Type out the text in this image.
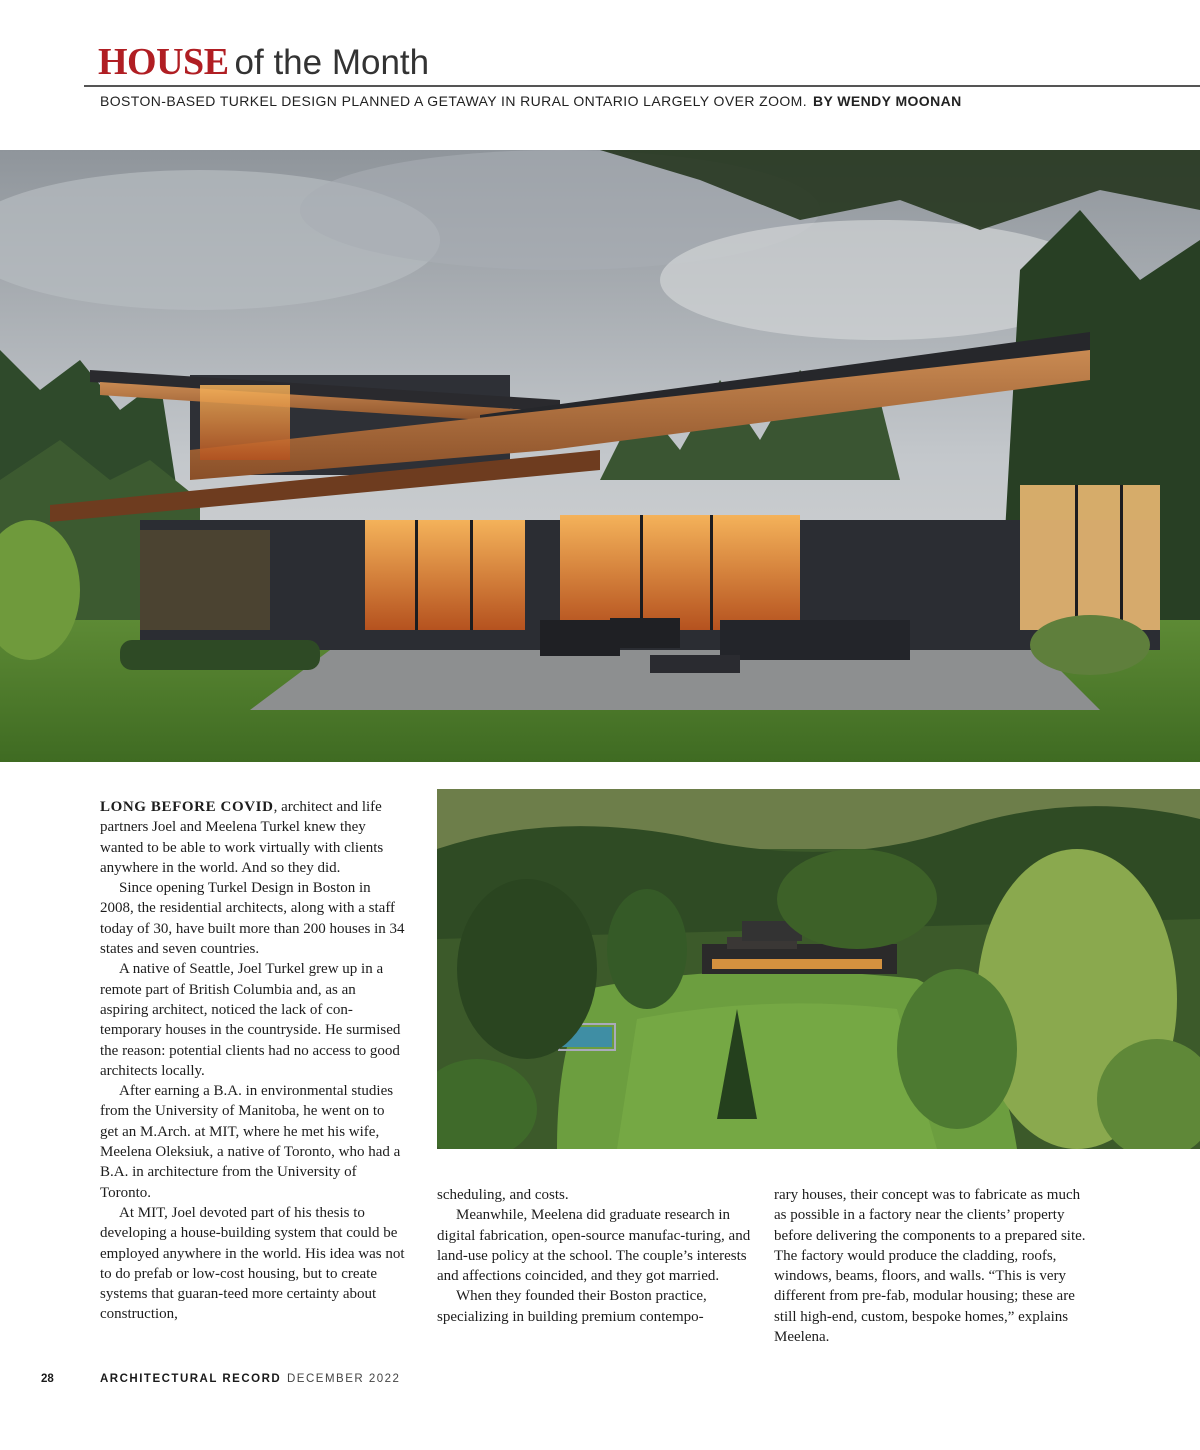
HOUSE of the Month
BOSTON-BASED TURKEL DESIGN PLANNED A GETAWAY IN RURAL ONTARIO LARGELY OVER ZOOM. BY WENDY MOONAN

LONG BEFORE COVID, architect and life partners Joel and Meelena Turkel knew they wanted to be able to work virtually with clients anywhere in the world. And so they did.

Since opening Turkel Design in Boston in 2008, the residential architects, along with a staff today of 30, have built more than 200 houses in 34 states and seven countries.

A native of Seattle, Joel Turkel grew up in a remote part of British Columbia and, as an aspiring architect, noticed the lack of con-temporary houses in the countryside. He surmised the reason: potential clients had no access to good architects locally.

After earning a B.A. in environmental studies from the University of Manitoba, he went on to get an M.Arch. at MIT, where he met his wife, Meelena Oleksiuk, a native of Toronto, who had a B.A. in architecture from the University of Toronto.

At MIT, Joel devoted part of his thesis to developing a house-building system that could be employed anywhere in the world. His idea was not to do prefab or low-cost housing, but to create systems that guaran-teed more certainty about construction,

scheduling, and costs.

Meanwhile, Meelena did graduate research in digital fabrication, open-source manufac-turing, and land-use policy at the school. The couple’s interests and affections coincided, and they got married.

When they founded their Boston practice, specializing in building premium contempo-

rary houses, their concept was to fabricate as much as possible in a factory near the clients’ property before delivering the components to a prepared site. The factory would produce the cladding, roofs, windows, beams, floors, and walls. “This is very different from pre-fab, modular housing; these are still high-end, custom, bespoke homes,” explains Meelena.

28	ARCHITECTURAL RECORD DECEMBER 2022
